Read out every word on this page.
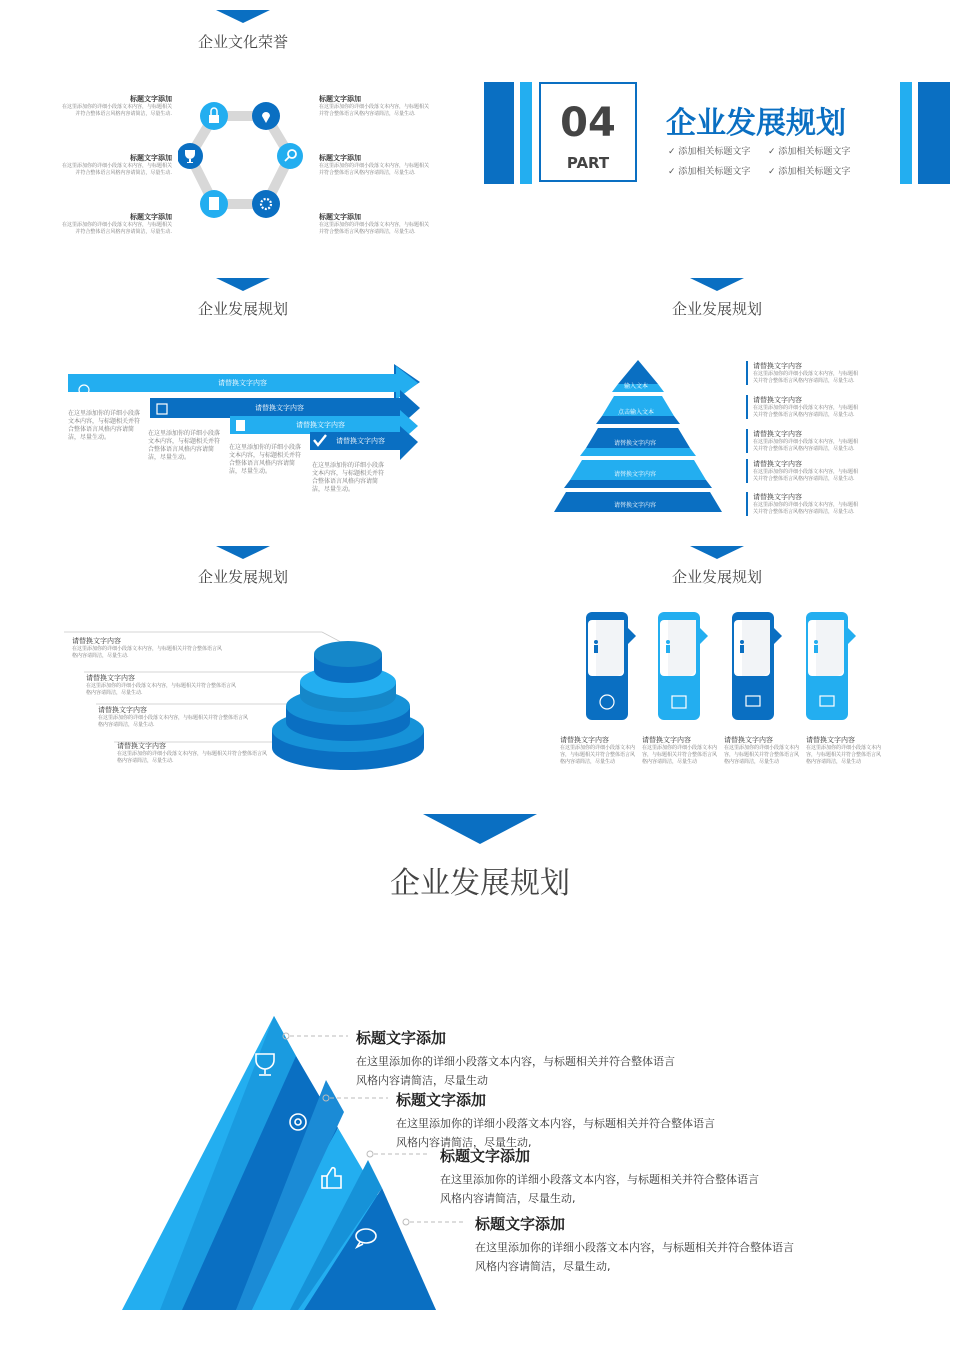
企业文化荣誉
标题文字添加
在这里添加你的详细小段落文本内容，与标题相关并符合整体语言风格内容请简洁，尽量生动.
标题文字添加
在这里添加你的详细小段落文本内容，与标题相关并符合整体语言风格内容请简洁，尽量生动.
标题文字添加
在这里添加你的详细小段落文本内容，与标题相关并符合整体语言风格内容请简洁，尽量生动.
标题文字添加
在这里添加你的详细小段落文本内容，与标题相关并符合整体语言风格内容请简洁，尽量生动.
标题文字添加
在这里添加你的详细小段落文本内容，与标题相关并符合整体语言风格内容请简洁，尽量生动.
标题文字添加
在这里添加你的详细小段落文本内容，与标题相关并符合整体语言风格内容请简洁，尽量生动.
04
PART
企业发展规划
✓ 添加相关标题文字 ✓ 添加相关标题文字
✓ 添加相关标题文字 ✓ 添加相关标题文字
企业发展规划
请替换文字内容
请替换文字内容
请替换文字内容
请替换文字内容
在这里添加你的详细小段落文本内容，与标题相关并符合整体语言风格内容请简洁，尽量生动。
在这里添加你的详细小段落文本内容，与标题相关并符合整体语言风格内容请简洁，尽量生动。
在这里添加你的详细小段落文本内容，与标题相关并符合整体语言风格内容请简洁，尽量生动。
在这里添加你的详细小段落文本内容，与标题相关并符合整体语言风格内容请简洁，尽量生动。
企业发展规划
输入文本
点击输入文本
请替换文字内容
请替换文字内容
请替换文字内容
请替换文字内容
在这里添加你的详细小段落文本内容，与标题相关并符合整体语言风格内容请简洁，尽量生动.
请替换文字内容
在这里添加你的详细小段落文本内容，与标题相关并符合整体语言风格内容请简洁，尽量生动.
请替换文字内容
在这里添加你的详细小段落文本内容，与标题相关并符合整体语言风格内容请简洁，尽量生动.
请替换文字内容
在这里添加你的详细小段落文本内容，与标题相关并符合整体语言风格内容请简洁，尽量生动.
请替换文字内容
在这里添加你的详细小段落文本内容，与标题相关并符合整体语言风格内容请简洁，尽量生动.
企业发展规划
请替换文字内容
在这里添加你的详细小段落文本内容，与标题相关并符合整体语言风格内容请简洁，尽量生动.
请替换文字内容
在这里添加你的详细小段落文本内容，与标题相关并符合整体语言风格内容请简洁，尽量生动.
请替换文字内容
在这里添加你的详细小段落文本内容，与标题相关并符合整体语言风格内容请简洁，尽量生动.
请替换文字内容
在这里添加你的详细小段落文本内容，与标题相关并符合整体语言风格内容请简洁，尽量生动.
企业发展规划
请替换文字内容
在这里添加你的详细小段落文本内容，与标题相关并符合整体语言风格内容请简洁，尽量生动
请替换文字内容
在这里添加你的详细小段落文本内容，与标题相关并符合整体语言风格内容请简洁，尽量生动
请替换文字内容
在这里添加你的详细小段落文本内容，与标题相关并符合整体语言风格内容请简洁，尽量生动
请替换文字内容
在这里添加你的详细小段落文本内容，与标题相关并符合整体语言风格内容请简洁，尽量生动
企业发展规划
标题文字添加
在这里添加你的详细小段落文本内容，与标题相关并符合整体语言
风格内容请简洁，尽量生动
标题文字添加
在这里添加你的详细小段落文本内容，与标题相关并符合整体语言
风格内容请简洁，尽量生动,
标题文字添加
在这里添加你的详细小段落文本内容，与标题相关并符合整体语言
风格内容请简洁，尽量生动,
标题文字添加
在这里添加你的详细小段落文本内容，与标题相关并符合整体语言
风格内容请简洁，尽量生动,
